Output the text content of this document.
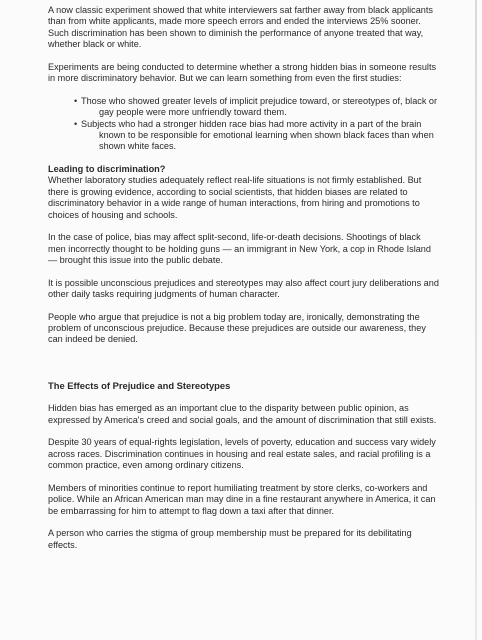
A now classic experiment showed that white interviewers sat farther away from black applicants than from white applicants, made more speech errors and ended the interviews 25% sooner. Such discrimination has been shown to diminish the performance of anyone treated that way, whether black or white.

Experiments are being conducted to determine whether a strong hidden bias in someone results in more discriminatory behavior. But we can learn something from even the first studies:

• Those who showed greater levels of implicit prejudice toward, or stereotypes of, black or gay people were more unfriendly toward them.
• Subjects who had a stronger hidden race bias had more activity in a part of the brain known to be responsible for emotional learning when shown black faces than when shown white faces.

Leading to discrimination?

Whether laboratory studies adequately reflect real-life situations is not firmly established. But there is growing evidence, according to social scientists, that hidden biases are related to discriminatory behavior in a wide range of human interactions, from hiring and promotions to choices of housing and schools.

In the case of police, bias may affect split-second, life-or-death decisions. Shootings of black men incorrectly thought to be holding guns — an immigrant in New York, a cop in Rhode Island — brought this issue into the public debate.

It is possible unconscious prejudices and stereotypes may also affect court jury deliberations and other daily tasks requiring judgments of human character.

People who argue that prejudice is not a big problem today are, ironically, demonstrating the problem of unconscious prejudice. Because these prejudices are outside our awareness, they can indeed be denied.

The Effects of Prejudice and Stereotypes

Hidden bias has emerged as an important clue to the disparity between public opinion, as expressed by America's creed and social goals, and the amount of discrimination that still exists.

Despite 30 years of equal-rights legislation, levels of poverty, education and success vary widely across races. Discrimination continues in housing and real estate sales, and racial profiling is a common practice, even among ordinary citizens.

Members of minorities continue to report humiliating treatment by store clerks, co-workers and police. While an African American man may dine in a fine restaurant anywhere in America, it can be embarrassing for him to attempt to flag down a taxi after that dinner.

A person who carries the stigma of group membership must be prepared for its debilitating effects.
